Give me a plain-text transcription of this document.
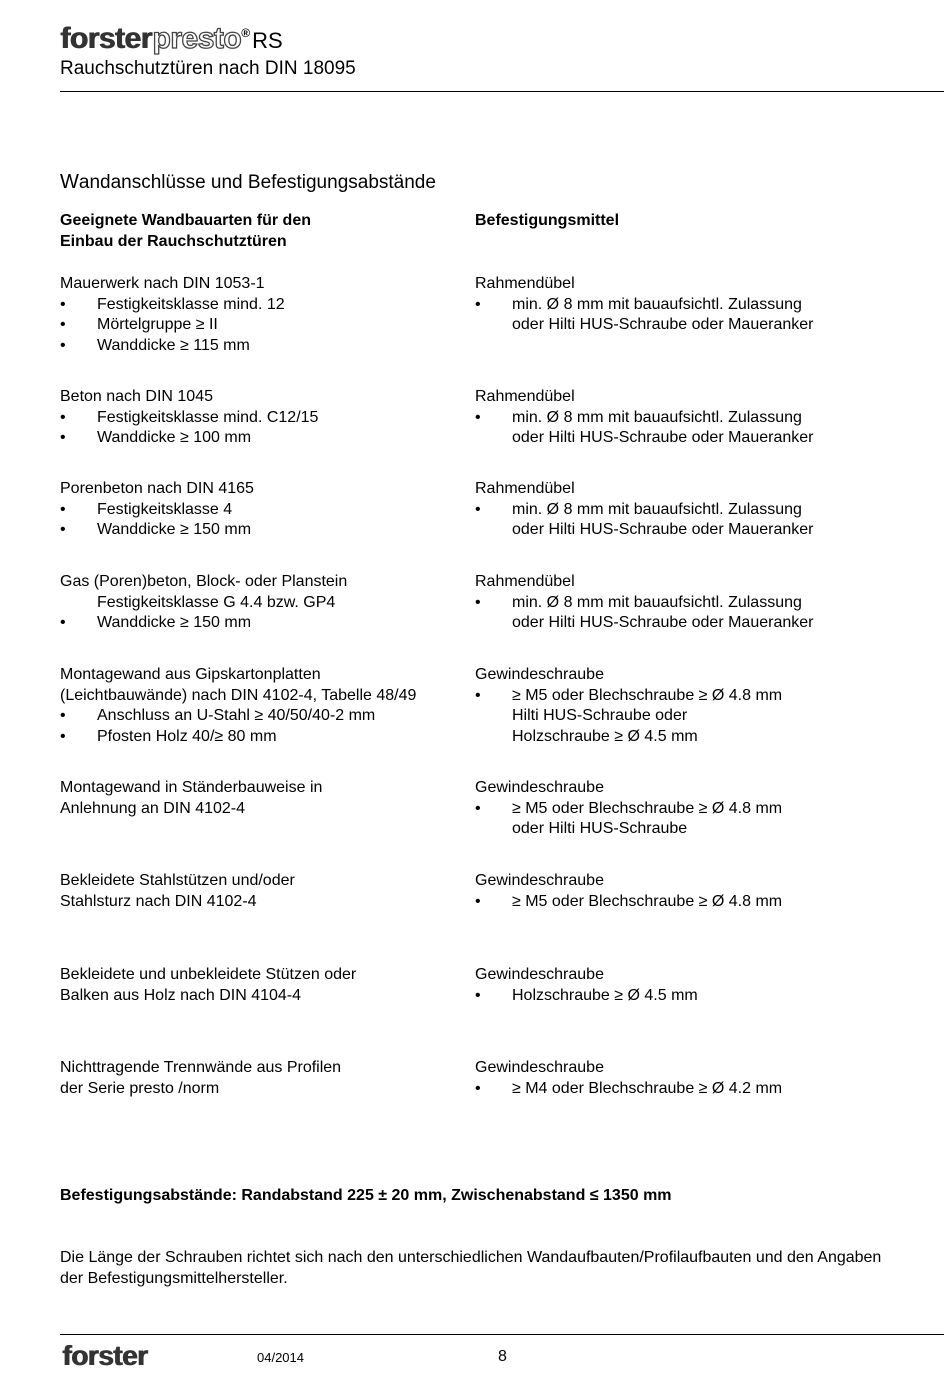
forster presto ® RS
Rauchschutztüren nach DIN 18095
Wandanschlüsse und Befestigungsabstände
Geeignete Wandbauarten für den
Einbau der Rauchschutztüren
Befestigungsmittel
Mauerwerk nach DIN 1053-1
• Festigkeitsklasse mind. 12
• Mörtelgruppe ≥ II
• Wanddicke ≥ 115 mm
Rahmendübel
• min. Ø 8 mm mit bauaufsichtl. Zulassung
oder Hilti HUS-Schraube oder Maueranker
Beton nach DIN 1045
• Festigkeitsklasse mind. C12/15
• Wanddicke ≥ 100 mm
Rahmendübel
• min. Ø 8 mm mit bauaufsichtl. Zulassung
oder Hilti HUS-Schraube oder Maueranker
Porenbeton nach DIN 4165
• Festigkeitsklasse 4
• Wanddicke ≥ 150 mm
Rahmendübel
• min. Ø 8 mm mit bauaufsichtl. Zulassung
oder Hilti HUS-Schraube oder Maueranker
Gas (Poren)beton, Block- oder Planstein
Festigkeitsklasse G 4.4 bzw. GP4
• Wanddicke ≥ 150 mm
Rahmendübel
• min. Ø 8 mm mit bauaufsichtl. Zulassung
oder Hilti HUS-Schraube oder Maueranker
Montagewand aus Gipskartonplatten
(Leichtbauwände) nach DIN 4102-4, Tabelle 48/49
• Anschluss an U-Stahl ≥ 40/50/40-2 mm
• Pfosten Holz 40/≥ 80 mm
Gewindeschraube
• ≥ M5 oder Blechschraube ≥ Ø 4.8 mm
Hilti HUS-Schraube oder
Holzschraube ≥ Ø 4.5 mm
Montagewand in Ständerbauweise in
Anlehnung an DIN 4102-4
Gewindeschraube
• ≥ M5 oder Blechschraube ≥ Ø 4.8 mm
oder Hilti HUS-Schraube
Bekleidete Stahlstützen und/oder
Stahlsturz nach DIN 4102-4
Gewindeschraube
• ≥ M5 oder Blechschraube ≥ Ø 4.8 mm
Bekleidete und unbekleidete Stützen oder
Balken aus Holz nach DIN 4104-4
Gewindeschraube
• Holzschraube ≥ Ø 4.5 mm
Nichttragende Trennwände aus Profilen
der Serie presto /norm
Gewindeschraube
• ≥ M4 oder Blechschraube ≥ Ø 4.2 mm
Befestigungsabstände: Randabstand 225 ± 20 mm, Zwischenabstand ≤ 1350 mm
Die Länge der Schrauben richtet sich nach den unterschiedlichen Wandaufbauten/Profilaufbauten und den Angaben der Befestigungsmittelhersteller.
forster	04/2014	8
